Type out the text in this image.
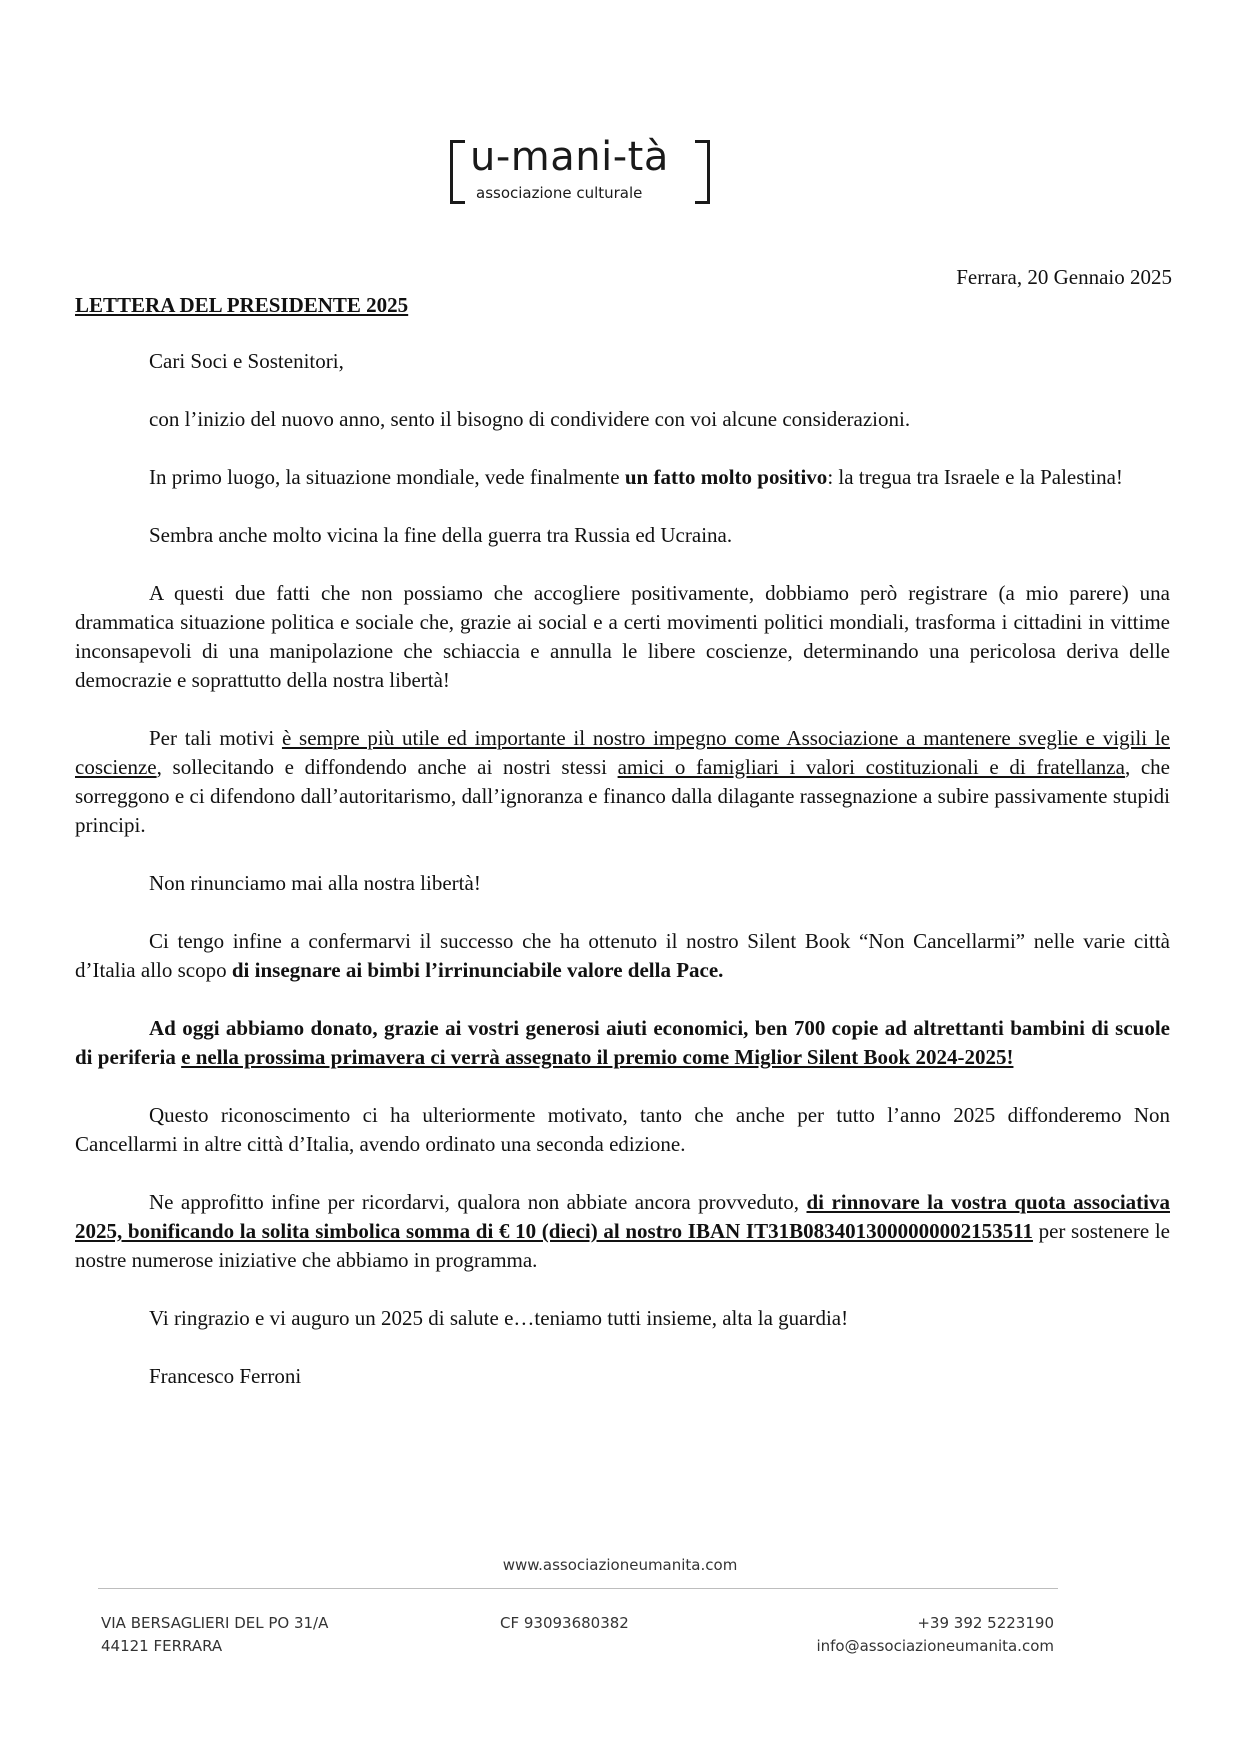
u-mani-tà
associazione culturale
Ferrara, 20 Gennaio 2025
LETTERA DEL PRESIDENTE 2025

Cari Soci e Sostenitori,

con l’inizio del nuovo anno, sento il bisogno di condividere con voi alcune considerazioni.

In primo luogo, la situazione mondiale, vede finalmente un fatto molto positivo: la tregua tra Israele e la Palestina!

Sembra anche molto vicina la fine della guerra tra Russia ed Ucraina.

A questi due fatti che non possiamo che accogliere positivamente, dobbiamo però registrare (a mio parere) una drammatica situazione politica e sociale che, grazie ai social e a certi movimenti politici mondiali, trasforma i cittadini in vittime inconsapevoli di una manipolazione che schiaccia e annulla le libere coscienze, determinando una pericolosa deriva delle democrazie e soprattutto della nostra libertà!

Per tali motivi è sempre più utile ed importante il nostro impegno come Associazione a mantenere sveglie e vigili le coscienze, sollecitando e diffondendo anche ai nostri stessi amici o famigliari i valori costituzionali e di fratellanza, che sorreggono e ci difendono dall’autoritarismo, dall’ignoranza e financo dalla dilagante rassegnazione a subire passivamente stupidi principi.

Non rinunciamo mai alla nostra libertà!

Ci tengo infine a confermarvi il successo che ha ottenuto il nostro Silent Book “Non Cancellarmi” nelle varie città d’Italia allo scopo di insegnare ai bimbi l’irrinunciabile valore della Pace.

Ad oggi abbiamo donato, grazie ai vostri generosi aiuti economici, ben 700 copie ad altrettanti bambini di scuole di periferia e nella prossima primavera ci verrà assegnato il premio come Miglior Silent Book 2024-2025!

Questo riconoscimento ci ha ulteriormente motivato, tanto che anche per tutto l’anno 2025 diffonderemo Non Cancellarmi in altre città d’Italia, avendo ordinato una seconda edizione.

Ne approfitto infine per ricordarvi, qualora non abbiate ancora provveduto, di rinnovare la vostra quota associativa 2025, bonificando la solita simbolica somma di € 10 (dieci) al nostro IBAN IT31B0834013000000002153511 per sostenere le nostre numerose iniziative che abbiamo in programma.

Vi ringrazio e vi auguro un 2025 di salute e…teniamo tutti insieme, alta la guardia!

Francesco Ferroni

www.associazioneumanita.com
VIA BERSAGLIERI DEL PO 31/A
44121 FERRARA
CF 93093680382	+39 392 5223190
info@associazioneumanita.com
